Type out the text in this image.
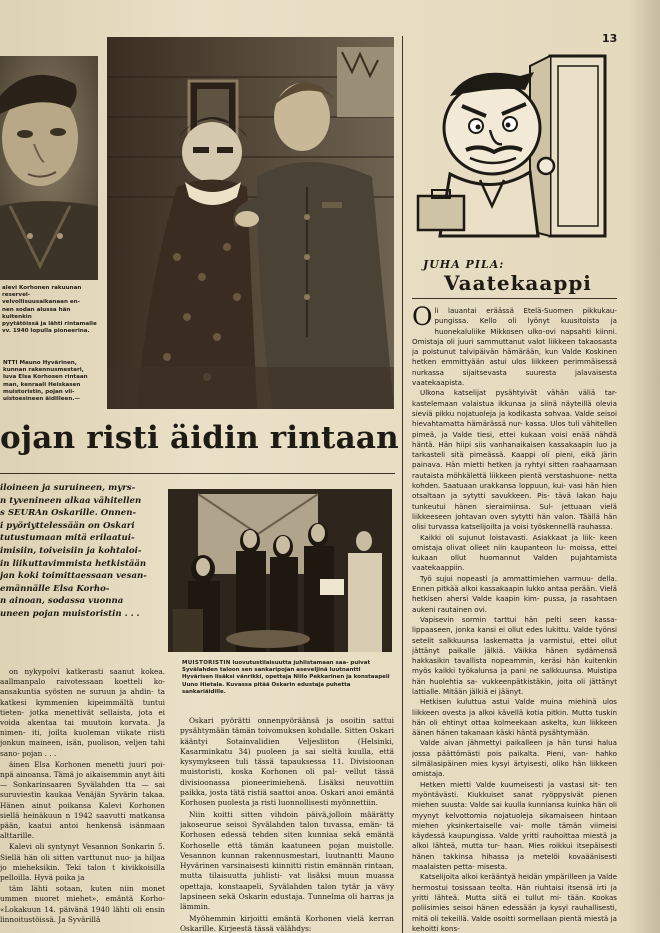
13
alevi Korhonen rakuunan reservel-
velvollisuusaikanaan en-
nen sodan alussa hän kuitenkin
pyytätöissä ja lähti rintamalle
vv. 1940 lopulla pioneerina.
NTTI Mauno Hyvärinen,
kunnan rakennusmestari,
luva Elsa Korhosen rintaan
man, kenraali Heiskasen
muistoristin, pojan vii-
uistoesineen äidilleen.—
ojan risti äidin rintaan
iloineen ja suruineen, myrs-
n tyvenineen alkaa vähitellen
s SEURAn Oskarille. Onnen-
i pyöriyttelessään on Oskari
tutustumaan mitä erilaatui-
imisiin, toiveisiin ja kohtaloi-
in liikuttavimmista hetkistään
jan koki toimittaessaan vesan-
emännälle Elsa Korho-
n ainoan, sodassa vuonna
uneen pojan muistoristin . . .
MUISTORISTIN luovutustilaisuutta juhlistamaan saa- puivat Syvälahden taloon sen sankaripojan aseveljinä luutnantti Hyvärisen lisäksi vänrikki, opettaja Niilo Pekkarinen ja konstaapeli Uuno Hietala. Kuvassa pitää Oskarin edustaja puhetta sankariäidille.

on nykypolvi katkerasti saanut kokea. aallmanpalo raivotessaan koetteli ko-ansakuntia syösten ne suruun ja ahdin- ta katkesi kymmenien kipeimmältä tuntui tieten- jotka menettivät sellaista, jota ei voida akentaa tai muutoin korvata. Ja nimen- iti, joilta kuoleman viikate riisti jonkun maineen, isän, puolison, veljen tahi sano- pojan . . .

äinen Elsa Korhonen menetti juuri poi- npä ainoansa. Tämä jo aikaisemmin anyt äiti — Sonkarinsaaren Syvälahden tta — sai suruviestin kaukaa Venäjän Syvärin takaa. Hänen ainut poikansa Kalevi Korhonen siellä heinäkuun n 1942 saavutti matkansa pään, kaatui antoi henkensä isänmaan alttarille.

Kalevi oli syntynyt Vesannon Sonkarin 5. Siellä hän oli sitten varttunut nuo- ja hiljaa jo mieheksikin. Teki talon t kivikkoisilla pelloilla. Hyvä poika ja

täm lähti sotaan, kuten niin monet ummen nuoret miehet», emäntä Korho- «Lokakuun 14. päivänä 1940 lähti oli ensin linnoitustöissä. Ja Syvärillä

Oskari pyörätti onnenpyöräänsä ja osoitin sattui pysähtymään tämän toivomuksen kohdalle. Sitten Oskari kääntyi Sotainvalidien Veljesliiton (Helsinki, Kasarminkatu 34) puoleen ja sai sieltä kuulla, että kysymykseen tuli tässä tapauksessa 11. Divisioonan muistoristi, koska Korhonen oli pal- vellut tässä divisioonassa pioneerimiehenä. Lisäksi neuvottiin paikka, josta tätä ristiä saattoi anoa. Oskari anoi emäntä Korhosen puolesta ja risti luonnollisesti myönnettiin.

Niin koitti sitten vihdoin päivä,jolloin määrätty jakoseurue seisoi Syvälahden talon tuvassa, emän- tä Korhosen edessä tehden siten kunniaa sekä emäntä Korhoselle että tämän kaatuneen pojan muistolle. Vesannon kunnan rakennusmestari, luutnantti Mauno Hyvärinen varsinaisesti kiinnitti ristin emännän rintaan, mutta tilaisuutta juhlisti- vat lisäksi muun muassa opettaja, konstaapeli, Syvälahden talon tytär ja vävy lapsineen sekä Oskarin edustaja. Tunnelma oli harras ja lämmin.

Myöhemmin kirjoitti emäntä Korhonen vielä kerran Oskarille. Kirjeestä tässä välähdys:

JUHA PILA:
Vaatekaappi

Oli lauantai eräässä Etelä-Suomen pikkukau- pungissa. Kello oli lyönyt kuusitoista ja huonekaluliike Mikkosen ulko-ovi napsahti kiinni. Omistaja oli juuri sammuttanut valot liikkeen takaosasta ja poistunut talvipäivän hämärään, kun Valde Koskinen hetken emmittyään astui ulos liikkeen perimmäisessä nurkassa sijaitsevasta suuresta jalavaisesta vaatekaapista.

Ulkona katselijat pysähtyivät vähän väliä tar- kastelemaan valaistua ikkunaa ja siinä näyteillä olevia sieviä pikku nojatuoleja ja kodikasta sohvaa. Valde seisoi hievahtamatta hämärässä nur- kassa. Ulos tuli vähitellen pimeä, ja Valde tiesi, ettei kukaan voisi enää nähdä häntä. Hän hiipi siis vanhanaikaisen kassakaapin luo ja tarkasteli sitä pimeässä. Kaappi oli pieni, eikä järin painava. Hän mietti hetken ja ryhtyi sitten raahaamaan rautaista möhkälettä liikkeen pientä verstashuone- netta kohden. Saatuaan urakkansa loppuun, kui- vasi hän hien otsaltaan ja sytytti savukkeen. Pis- tävä lakan haju tunkeutui hänen sieraimiinsa. Sul- jettuaan vielä liikkeeseen johtavan oven sytytti hän valon. Täällä hän olisi turvassa katselijoilta ja voisi työskennellä rauhassa.

Kaikki oli sujunut loistavasti. Asiakkaat ja liik- keen omistaja olivat olleet niin kaupanteon lu- moissa, ettei kukaan ollut huomannut Valden pujahtamista vaatekaappiin.

Työ sujui nopeasti ja ammattimiehen varmuu- della. Ennen pitkää alkoi kassakaapin lukko antaa perään. Vielä hetkisen ahersi Valde kaapin kim- pussa, ja rasahtaen aukeni rautainen ovi.

Vapisevin sormin tarttui hän pelti seen kassa- lippaaseen, jonka kansi ei ollut edes lukittu. Valde työnsi setelit salkkuunsa laskematta ja varmistui, ettei ollut jättänyt paikalle jälkiä. Väikka hänen sydämensä hakkasikin tavallista nopeammin, keräsi hän kuitenkin myös kaikki työkalunsa ja pani ne salkkuunsa. Muistipa hän huolehtia sa- vukkeenpätkistäkin, joita oli jättänyt lattialle. Mitään jälkiä ei jäänyt.

Hetkisen kuluttua astui Valde muina miehinä ulos liikkeen ovesta ja alkoi kävellä kotia pitkin. Mutta tuskin hän oli ehtinyt ottaa kolmeekaan askelta, kun liikkeen äänen hänen takanaan käski häntä pysähtymään.

Valde aivan jähmettyi paikalleen ja hän tunsi halua jossa päättömästi pois paikalta. Pieni, van- hahko silmälasipäinen mies kysyi ärtyisesti, oliko hän liikkeen omistaja.

Hetken mietti Valde kuumeisesti ja vastasi sit- ten myöntävästi. Kiukkuiset sanat ryöppysivät pienen miehen suusta: Valde sai kuulla kunniansa kuinka hän oli myynyt kelvottomia nojatuoleja sikamaiseen hintaan miehen yksinkertaiselle vai- molle tämän viimeisi käydessä kaupungissa. Valde yritti rauhoittaa miestä ja alkoi lähteä, mutta tur- haan. Mies roikkui itsepäisesti hänen takkinsa hihassa ja metelöi kovaäänisesti maalaisten petta- misesta.

Katselijoita alkoi kerääntyä heidän ympärilleen ja Valde hermostui tosissaan teolta. Hän riuhtaisi itsensä irti ja yritti lähteä. Mutta siitä ei tullut mi- tään. Kookas poliisimies seisoi hänen edessään ja kysyi rauhallisesti, mitä oli tekeillä. Valde osoitti sormellaan pientä miestä ja kehoitti kons-
